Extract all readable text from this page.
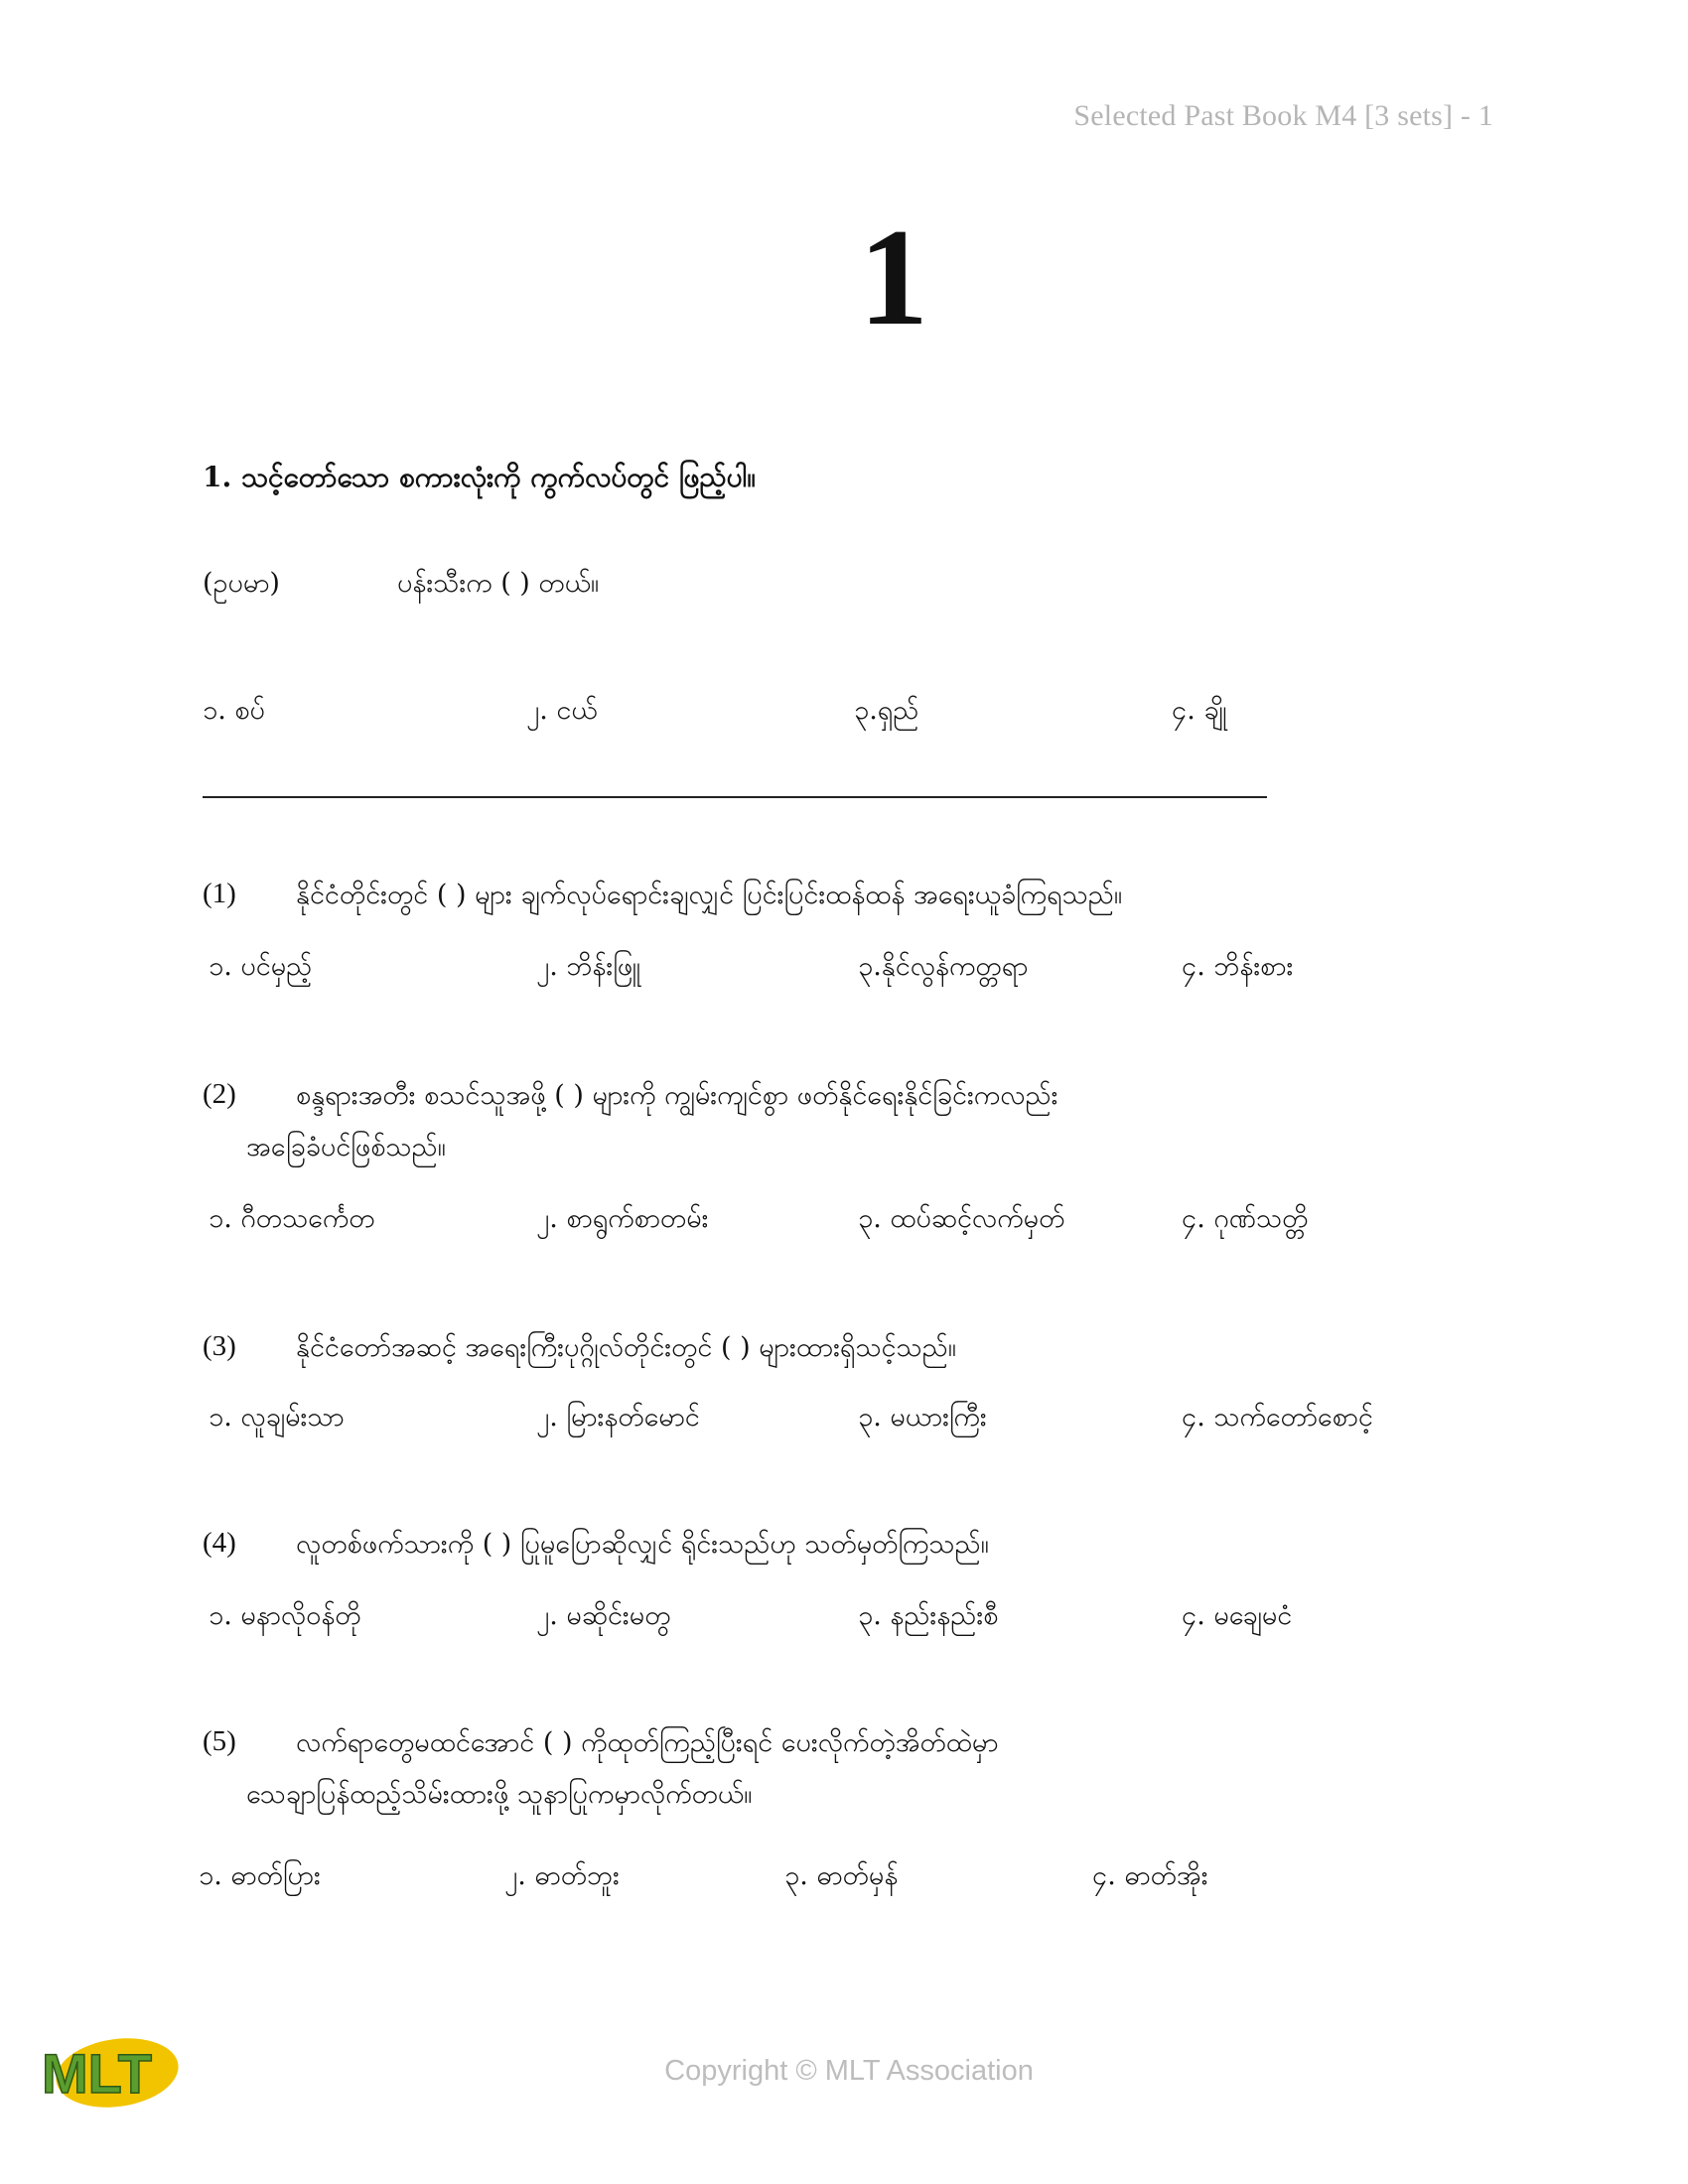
Selected Past Book M4 [3 sets] - 1
1
1. သင့်တော်သော စကားလုံးကို ကွက်လပ်တွင် ဖြည့်ပါ။
(ဥပမာ)	ပန်းသီးက ( ) တယ်။
၁. စပ်	၂. ငယ်	၃.ရှည်	၄. ချို
(1) နိုင်ငံတိုင်းတွင် ( ) များ ချက်လုပ်ရောင်းချလျှင် ပြင်းပြင်းထန်ထန် အရေးယူခံကြရသည်။
၁. ပင်မှည့်	၂. ဘိန်းဖြူ	၃.နိုင်လွန်ကတ္တရာ	၄. ဘိန်းစား
(2) စန္ဒရားအတီး စသင်သူအဖို့ ( ) များကို ကျွမ်းကျင်စွာ ဖတ်နိုင်ရေးနိုင်ခြင်းကလည်း
အခြေခံပင်ဖြစ်သည်။
၁. ဂီတသင်္ကေတ	၂. စာရွက်စာတမ်း	၃. ထပ်ဆင့်လက်မှတ်	၄. ဂုဏ်သတ္တိ
(3) နိုင်ငံတော်အဆင့် အရေးကြီးပုဂ္ဂိုလ်တိုင်းတွင် ( ) များထားရှိသင့်သည်။
၁. လူချမ်းသာ	၂. မြားနတ်မောင်	၃. မယားကြီး	၄. သက်တော်စောင့်
(4) လူတစ်ဖက်သားကို ( ) ပြုမူပြောဆိုလျှင် ရိုင်းသည်ဟု သတ်မှတ်ကြသည်။
၁. မနာလိုဝန်တို	၂. မဆိုင်းမတွ	၃. နည်းနည်းစီ	၄. မချေမငံ
(5) လက်ရာတွေမထင်အောင် ( ) ကိုထုတ်ကြည့်ပြီးရင် ပေးလိုက်တဲ့အိတ်ထဲမှာ
သေချာပြန်ထည့်သိမ်းထားဖို့ သူနာပြုကမှာလိုက်တယ်။
၁. ဓာတ်ပြား	၂. ဓာတ်ဘူး	၃. ဓာတ်မှန်	၄. ဓာတ်အိုး
Copyright © MLT Association
MLT
